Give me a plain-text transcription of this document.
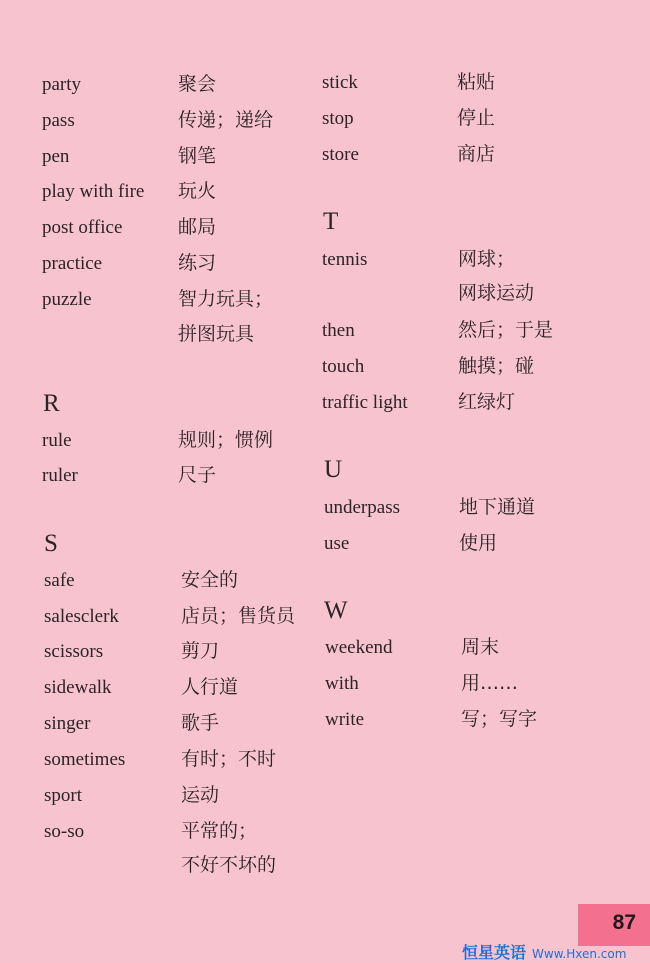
party	聚会
pass	传递；递给
pen	钢笔
play with fire 玩火
post office	邮局
practice	练习
puzzle	智力玩具；
拼图玩具
R
rule	规则；惯例
ruler	尺子
S
safe	安全的
salesclerk	店员；售货员
scissors	剪刀
sidewalk	人行道
singer	歌手
sometimes	有时；不时
sport	运动
so-so	平常的；
不好不坏的
stick	粘贴
stop	停止
store	商店
T
tennis	网球；
网球运动
then	然后；于是
touch	触摸；碰
traffic light	红绿灯
U
underpass	地下通道
use	使用
W
weekend	周末
with	用……
write	写；写字
87
恒星英语 Www.Hxen.com
